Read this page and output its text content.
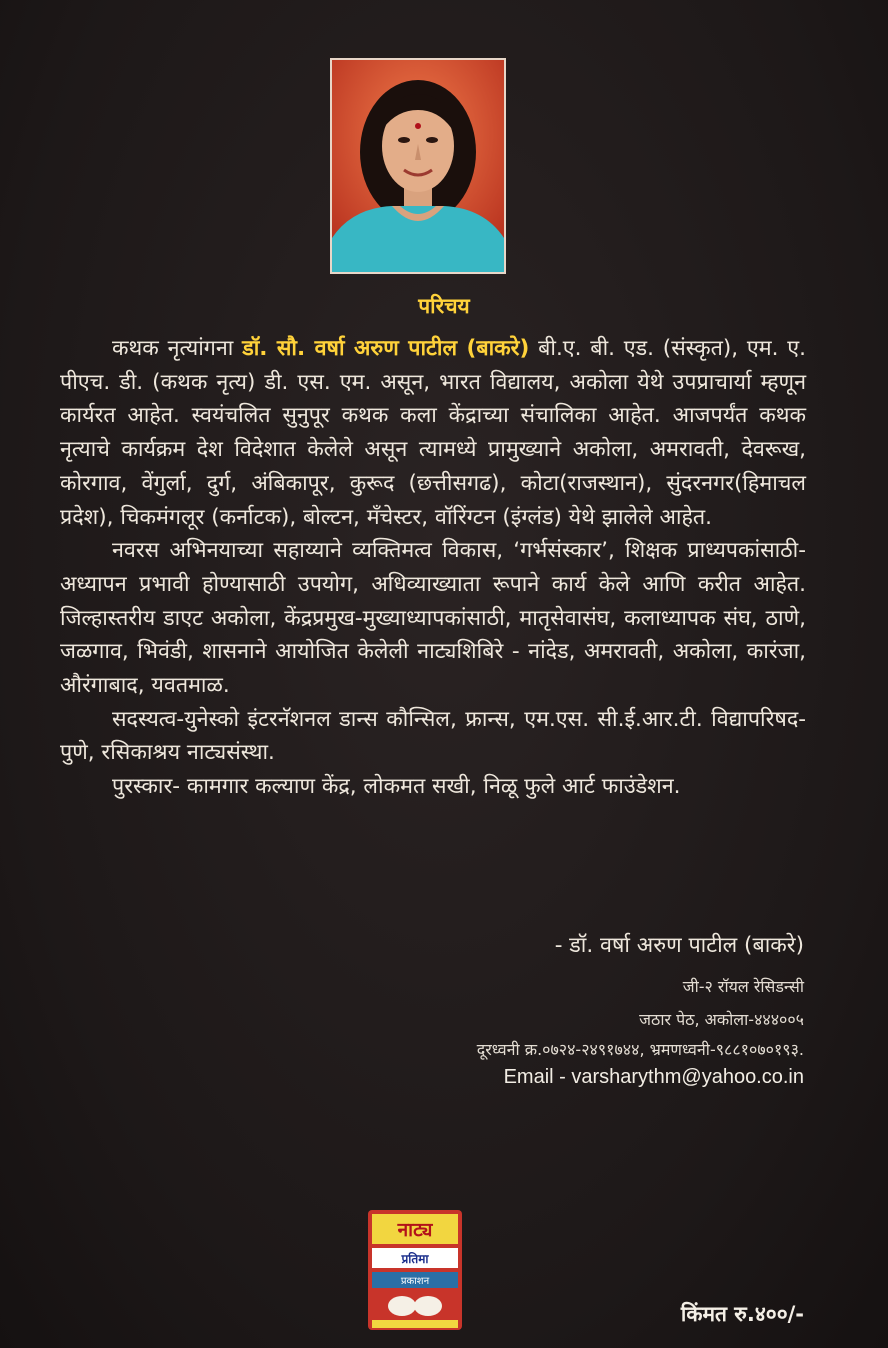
परिचय

कथक नृत्यांगना डॉ. सौ. वर्षा अरुण पाटील (बाकरे) बी.ए. बी. एड. (संस्कृत), एम. ए. पीएच. डी. (कथक नृत्य) डी. एस. एम. असून, भारत विद्यालय, अकोला येथे उपप्राचार्या म्हणून कार्यरत आहेत. स्वयंचलित सुनुपूर कथक कला केंद्राच्या संचालिका आहेत. आजपर्यंत कथक नृत्याचे कार्यक्रम देश विदेशात केलेले असून त्यामध्ये प्रामुख्याने अकोला, अमरावती, देवरूख, कोरगाव, वेंगुर्ला, दुर्ग, अंबिकापूर, कुरूद (छत्तीसगढ), कोटा(राजस्थान), सुंदरनगर(हिमाचल प्रदेश), चिकमंगलूर (कर्नाटक), बोल्टन, मॅंचेस्टर, वॉरिंग्टन (इंग्लंड) येथे झालेले आहेत.

नवरस अभिनयाच्या सहाय्याने व्यक्तिमत्व विकास, ‘गर्भसंस्कार’, शिक्षक प्राध्यपकांसाठी- अध्यापन प्रभावी होण्यासाठी उपयोग, अधिव्याख्याता रूपाने कार्य केले आणि करीत आहेत. जिल्हास्तरीय डाएट अकोला, केंद्रप्रमुख-मुख्याध्यापकांसाठी, मातृसेवासंघ, कलाध्यापक संघ, ठाणे, जळगाव, भिवंडी, शासनाने आयोजित केलेली नाट्यशिबिरे - नांदेड, अमरावती, अकोला, कारंजा, औरंगाबाद, यवतमाळ.

सदस्यत्व-युनेस्को इंटरनॅशनल डान्स कौन्सिल, फ्रान्स, एम.एस. सी.ई.आर.टी. विद्यापरिषद- पुणे, रसिकाश्रय नाट्यसंस्था.

पुरस्कार- कामगार कल्याण केंद्र, लोकमत सखी, निळू फुले आर्ट फाउंडेशन.

- डॉ. वर्षा अरुण पाटील (बाकरे)
जी-२ रॉयल रेसिडन्सी
जठार पेठ, अकोला-४४४००५
दूरध्वनी क्र.०७२४-२४९१७४४, भ्रमणध्वनी-९८८१०७०१९३.
Email - varsharythm@yahoo.co.in
नाट्य
प्रतिमा
प्रकाशन
किंमत रु.४००/-
